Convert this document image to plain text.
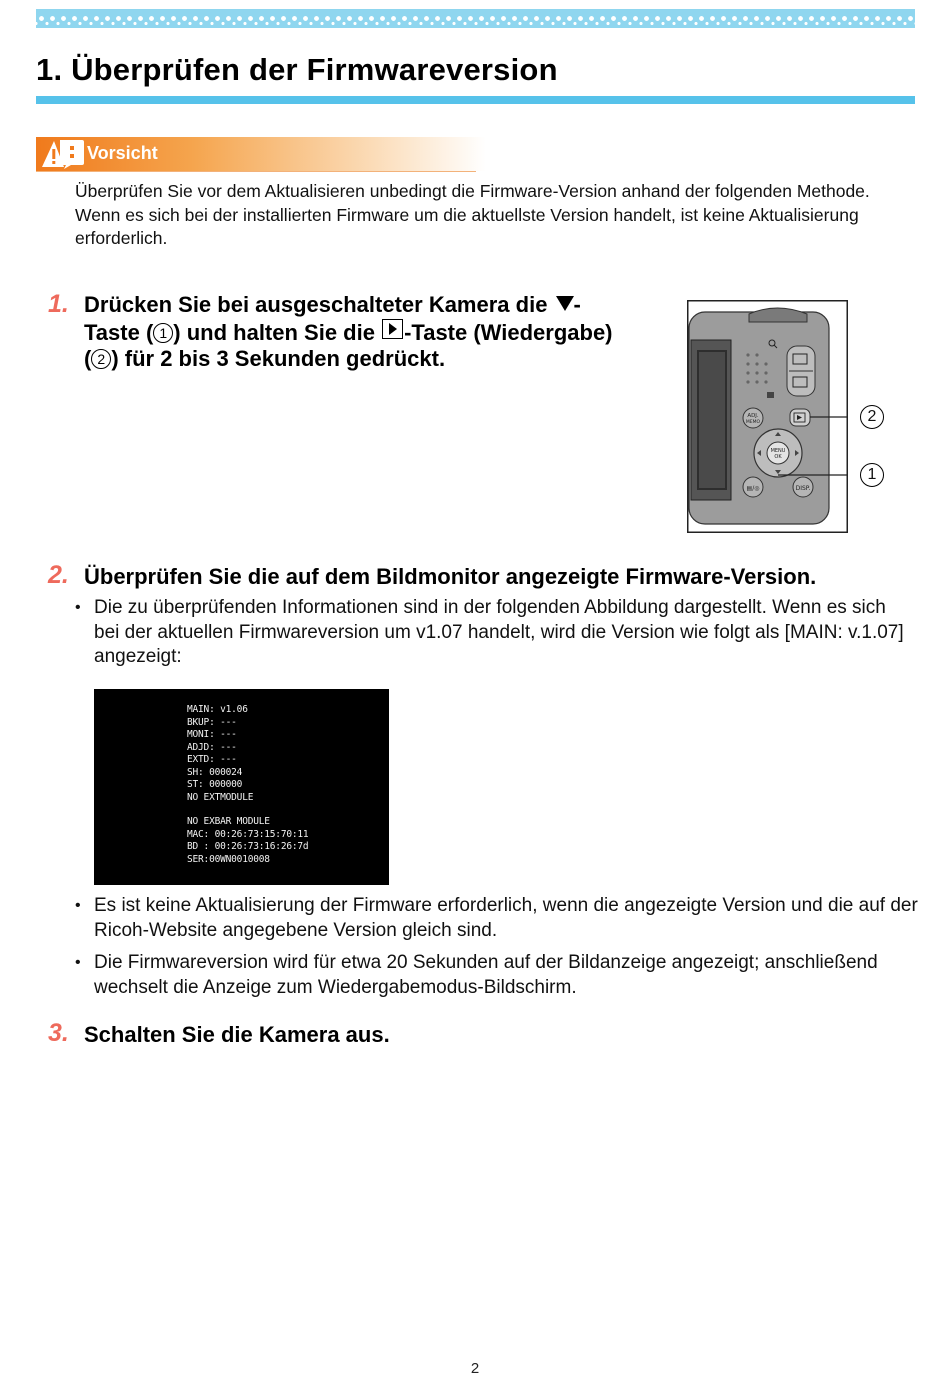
1. Überprüfen der Firmwareversion
Vorsicht

Überprüfen Sie vor dem Aktualisieren unbedingt die Firmware-Version anhand der folgenden Methode. Wenn es sich bei der installierten Firmware um die aktuellste Version handelt, ist keine Aktualisierung erforderlich.

1. Drücken Sie bei ausgeschalteter Kamera die -
Taste ( 1 ) und halten Sie die -Taste (Wiedergabe)
( 2 ) für 2 bis 3 Sekunden gedrückt.
ADJ.
MEMO
MENU
OK
▤/◎	DISP.
2
1
2. Überprüfen Sie die auf dem Bildmonitor angezeigte Firmware-Version.
• Die zu überprüfenden Informationen sind in der folgenden Abbildung dargestellt. Wenn es sich bei der aktuellen Firmwareversion um v1.07 handelt, wird die Version wie folgt als [MAIN: v.1.07] angezeigt:
MAIN: v1.06
BKUP: ---
MONI: ---
ADJD: ---
EXTD: ---
SH: 000024
ST: 000000
NO EXTMODULE
NO EXBAR MODULE
MAC: 00:26:73:15:70:11
BD : 00:26:73:16:26:7d
SER:00WN0010008
• Es ist keine Aktualisierung der Firmware erforderlich, wenn die angezeigte Version und die auf der Ricoh-Website angegebene Version gleich sind.
• Die Firmwareversion wird für etwa 20 Sekunden auf der Bildanzeige angezeigt; anschließend wechselt die Anzeige zum Wiedergabemodus-Bildschirm.
3. Schalten Sie die Kamera aus.
2
